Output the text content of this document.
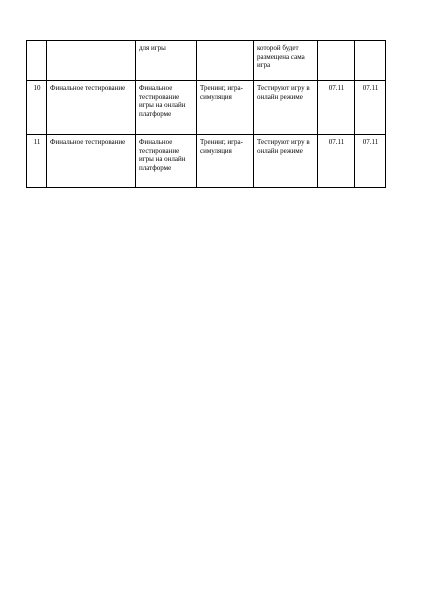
		для игры		которой будет размещена сама игра		
10	Финальное тестирование	Финальное тестирование игры на онлайн платформе	Тренинг, игра-симуляция	Тестируют игру в онлайн режиме	07.11	07.11
11	Финальное тестирование	Финальное тестирование игры на онлайн платформе	Тренинг, игра-симуляция	Тестируют игру в онлайн режиме	07.11	07.11
